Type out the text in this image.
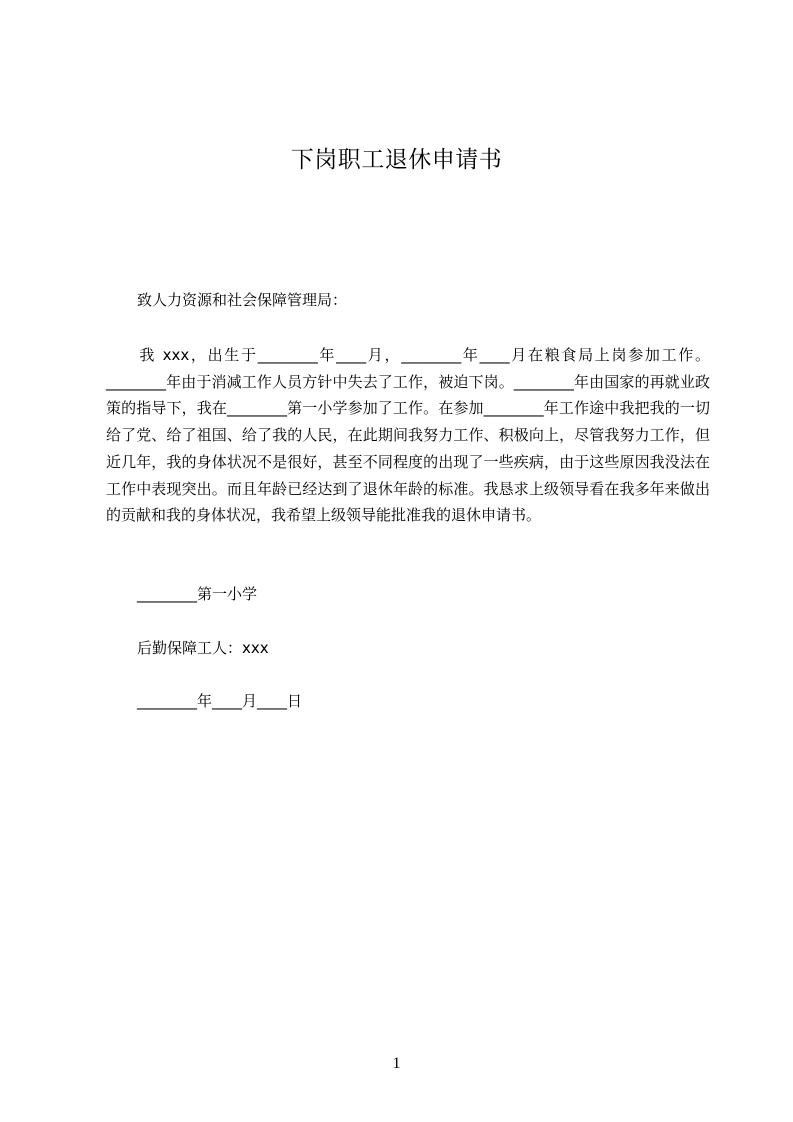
下岗职工退休申请书
致人力资源和社会保障管理局：
　　我 xxx，出生于________年____月，________年____月在粮食局上岗参加工作。________年由于消减工作人员方针中失去了工作，被迫下岗。________年由国家的再就业政策的指导下，我在________第一小学参加了工作。在参加________年工作途中我把我的一切给了党、给了祖国、给了我的人民，在此期间我努力工作、积极向上，尽管我努力工作，但近几年，我的身体状况不是很好，甚至不同程度的出现了一些疾病，由于这些原因我没法在工作中表现突出。而且年龄已经达到了退休年龄的标准。我恳求上级领导看在我多年来做出的贡献和我的身体状况，我希望上级领导能批准我的退休申请书。
________第一小学
后勤保障工人：xxx
________年____月____日
1
